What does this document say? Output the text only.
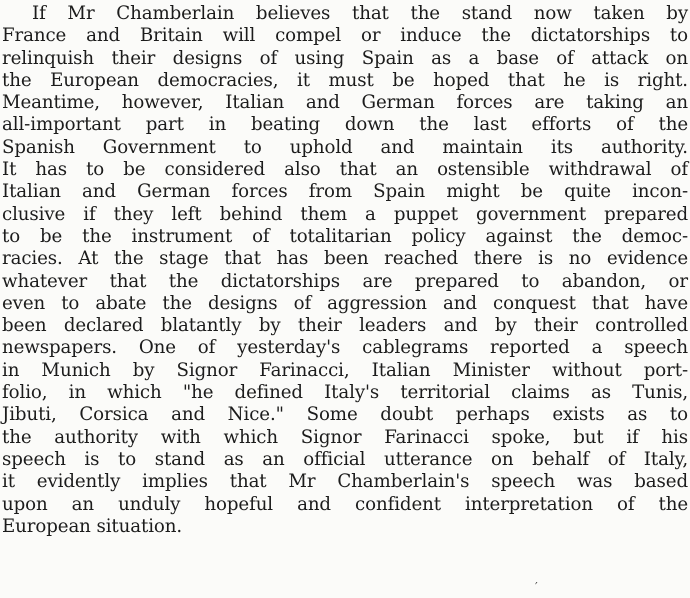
If Mr Chamberlain believes that the stand now taken by
France and Britain will compel or induce the dictatorships to
relinquish their designs of using Spain as a base of attack on
the European democracies, it must be hoped that he is right.
Meantime, however, Italian and German forces are taking an
all-important part in beating down the last efforts of the
Spanish Government to uphold and maintain its authority.
It has to be considered also that an ostensible withdrawal of
Italian and German forces from Spain might be quite incon-
clusive if they left behind them a puppet government prepared
to be the instrument of totalitarian policy against the democ-
racies. At the stage that has been reached there is no evidence
whatever that the dictatorships are prepared to abandon, or
even to abate the designs of aggression and conquest that have
been declared blatantly by their leaders and by their controlled
newspapers. One of yesterday's cablegrams reported a speech
in Munich by Signor Farinacci, Italian Minister without port-
folio, in which "he defined Italy's territorial claims as Tunis,
Jibuti, Corsica and Nice." Some doubt perhaps exists as to
the authority with which Signor Farinacci spoke, but if his
speech is to stand as an official utterance on behalf of Italy,
it evidently implies that Mr Chamberlain's speech was based
upon an unduly hopeful and confident interpretation of the
European situation.
′
